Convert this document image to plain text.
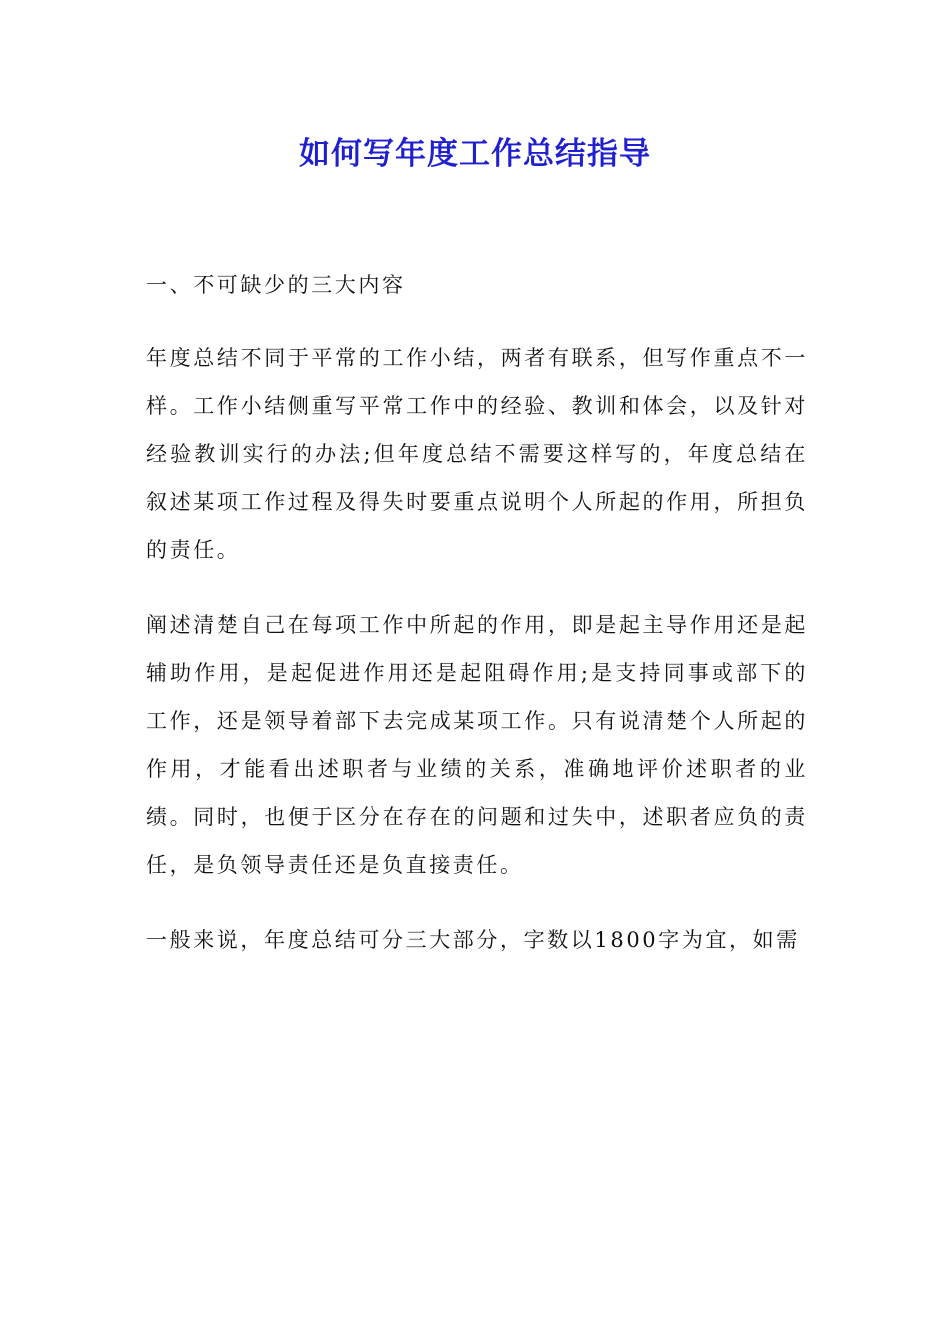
如何写年度工作总结指导

一、不可缺少的三大内容

年度总结不同于平常的工作小结，两者有联系，但写作重点不一样。工作小结侧重写平常工作中的经验、教训和体会，以及针对经验教训实行的办法;但年度总结不需要这样写的，年度总结在叙述某项工作过程及得失时要重点说明个人所起的作用，所担负的责任。

阐述清楚自己在每项工作中所起的作用，即是起主导作用还是起辅助作用，是起促进作用还是起阻碍作用;是支持同事或部下的工作，还是领导着部下去完成某项工作。只有说清楚个人所起的作用，才能看出述职者与业绩的关系，准确地评价述职者的业绩。同时，也便于区分在存在的问题和过失中，述职者应负的责任，是负领导责任还是负直接责任。

一般来说，年度总结可分三大部分，字数以1800字为宜，如需
